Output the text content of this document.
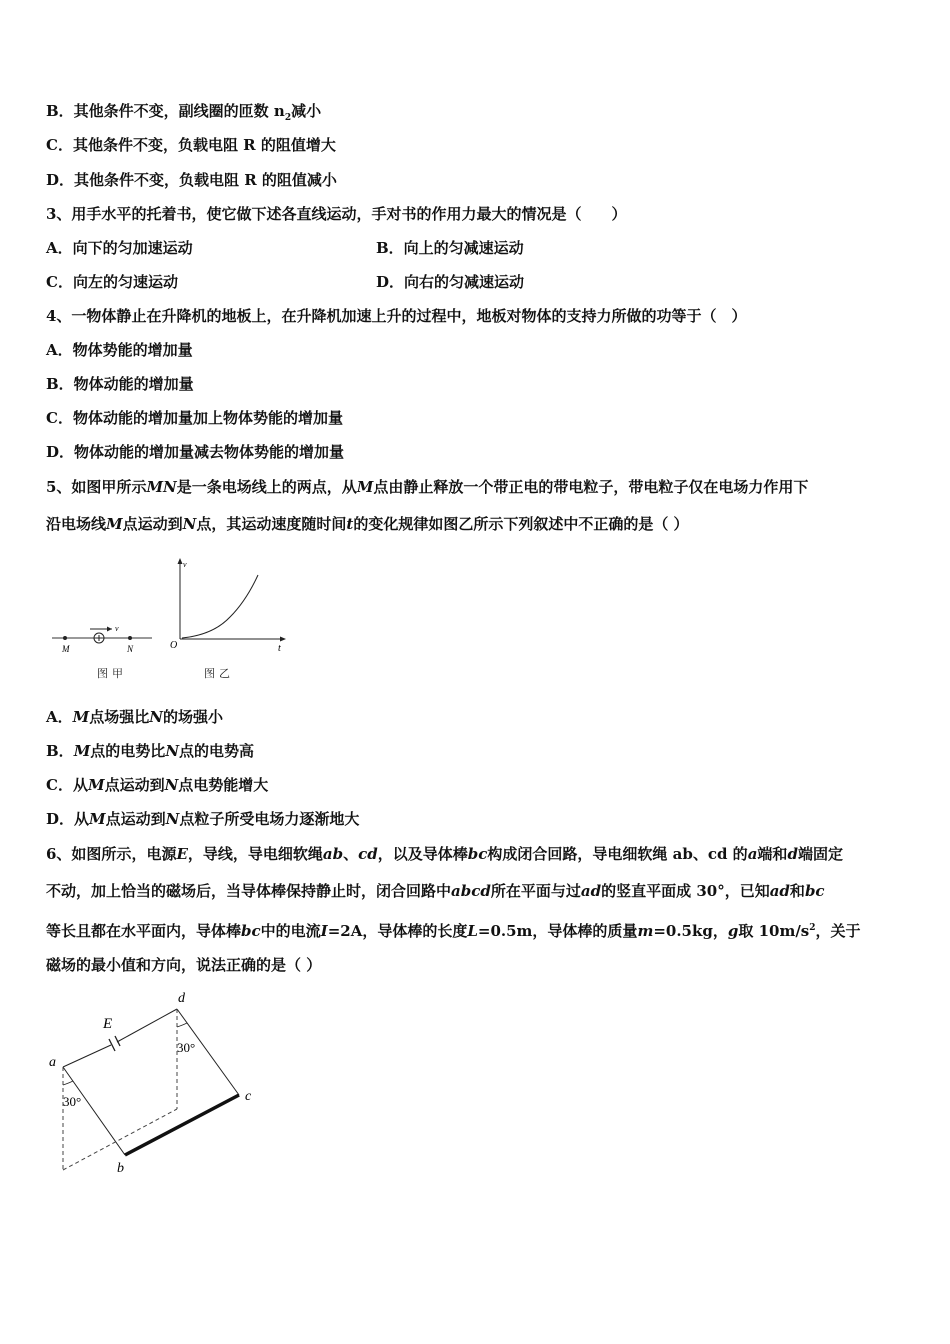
B．其他条件不变，副线圈的匝数 $n_2$减小
C．其他条件不变，负载电阻 R 的阻值增大
D．其他条件不变，负载电阻 R 的阻值减小
3、用手水平的托着书，使它做下述各直线运动，手对书的作用力最大的情况是（　　）
A．向下的匀加速运动	B．向上的匀减速运动
C．向左的匀速运动	D．向右的匀减速运动
4、一物体静止在升降机的地板上，在升降机加速上升的过程中，地板对物体的支持力所做的功等于（　）
A．物体势能的增加量
B．物体动能的增加量
C．物体动能的增加量加上物体势能的增加量
D．物体动能的增加量减去物体势能的增加量
5、如图甲所示MN是一条电场线上的两点，从M点由静止释放一个带正电的带电粒子，带电粒子仅在电场力作用下
沿电场线M点运动到N点，其运动速度随时间t的变化规律如图乙所示下列叙述中不正确的是（ ）
v
M	N
v
O	t
图甲	图乙
A．M点场强比N的场强小
B．M点的电势比N点的电势高
C．从M点运动到N点电势能增大
D．从M点运动到N点粒子所受电场力逐渐地大
6、如图所示，电源E，导线，导电细软绳ab、cd，以及导体棒bc构成闭合回路，导电细软绳 ab、cd 的a端和d端固定
不动，加上恰当的磁场后，当导体棒保持静止时，闭合回路中abcd所在平面与过ad的竖直平面成 30°，已知ad和bc
等长且都在水平面内，导体棒bc中的电流I=2A，导体棒的长度L=0.5m，导体棒的质量m=0.5kg，g取 $10m/s^2$，关于
磁场的最小值和方向，说法正确的是（ ）
a
d
c
b
E
30°
30°
